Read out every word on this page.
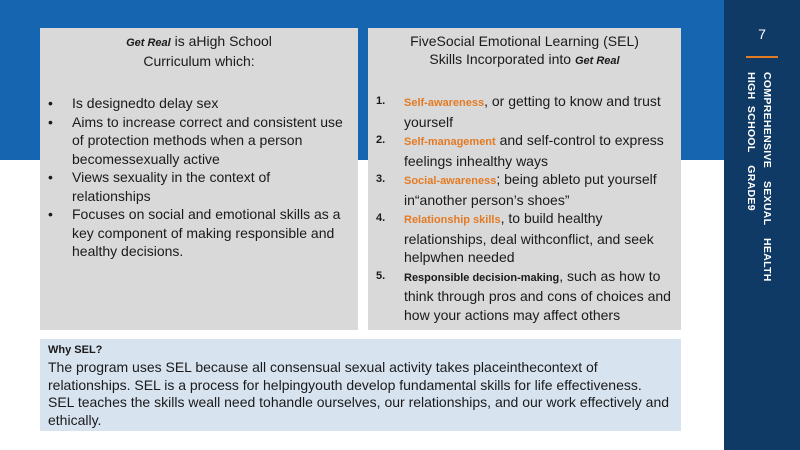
7
COMPREHENSIVE    SEXUAL    HEALTH
HIGH  SCHOOL    GRADE9
Get Real is aHigh School
Curriculum which:
• Is designedto delay sex
• Aims to increase correct and consistent use of protection methods when a person becomessexually active
• Views sexuality in the context of relationships
• Focuses on social and emotional skills as a key component of making responsible and healthy decisions.
FiveSocial Emotional Learning (SEL)
Skills Incorporated into Get Real
1. Self-awareness, or getting to know and trust yourself
2. Self-management and self-control to express feelings inhealthy ways
3. Social-awareness; being ableto put yourself in“another person’s shoes”
4. Relationship skills, to build healthy relationships, deal withconflict, and seek helpwhen needed
5. Responsible decision-making, such as how to think through pros and cons of choices and how your actions may affect others
Why SEL?
The program uses SEL because all consensual sexual activity takes placeinthecontext of relationships. SEL is a process for helpingyouth develop fundamental skills for life effectiveness. SEL teaches the skills weall need tohandle ourselves, our relationships, and our work effectively and ethically.
